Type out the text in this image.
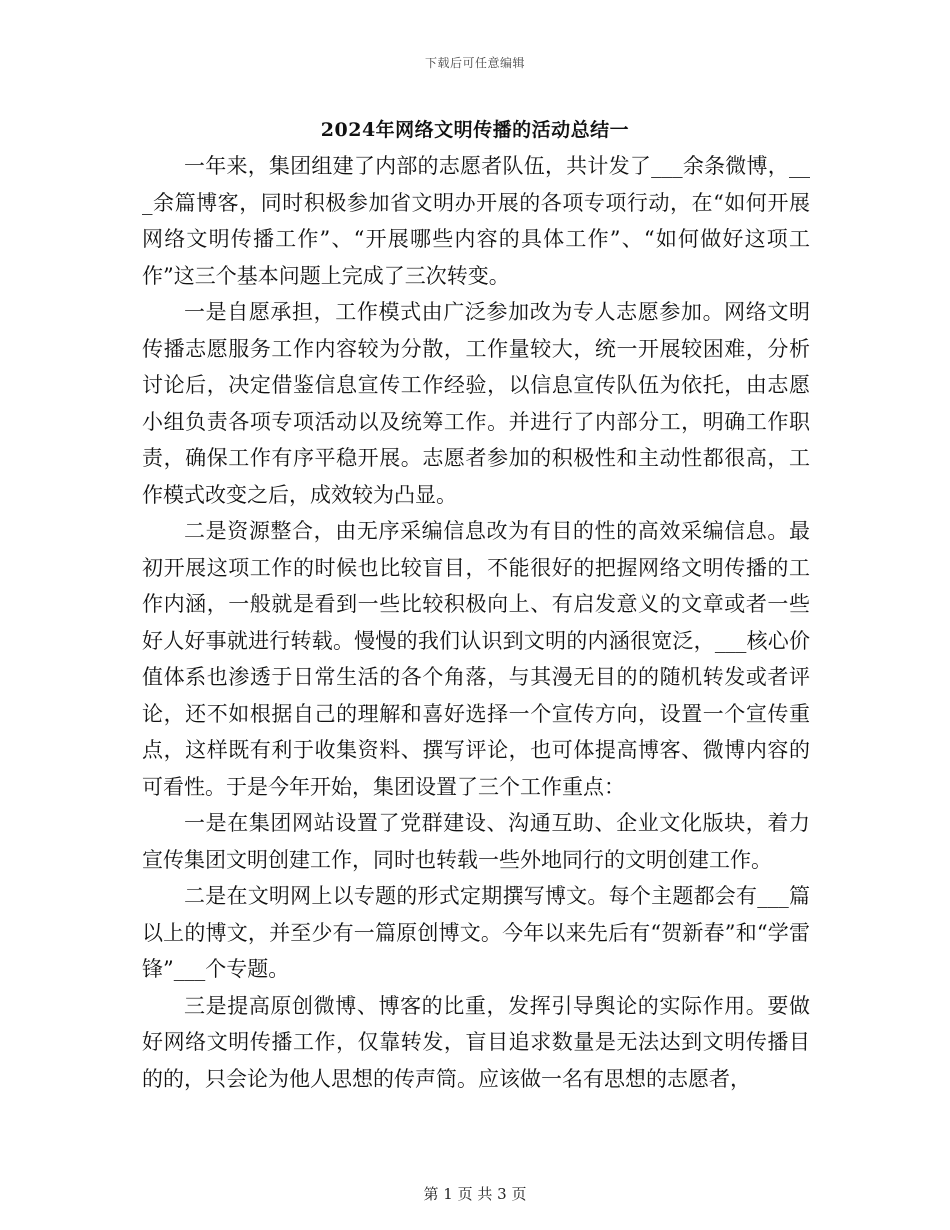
下载后可任意编辑
2024年网络文明传播的活动总结一

一年来，集团组建了内部的志愿者队伍，共计发了___余条微博，___余篇博客，同时积极参加省文明办开展的各项专项行动，在“如何开展网络文明传播工作”、“开展哪些内容的具体工作”、“如何做好这项工作”这三个基本问题上完成了三次转变。

一是自愿承担，工作模式由广泛参加改为专人志愿参加。网络文明传播志愿服务工作内容较为分散，工作量较大，统一开展较困难，分析讨论后，决定借鉴信息宣传工作经验，以信息宣传队伍为依托，由志愿小组负责各项专项活动以及统筹工作。并进行了内部分工，明确工作职责，确保工作有序平稳开展。志愿者参加的积极性和主动性都很高，工作模式改变之后，成效较为凸显。

二是资源整合，由无序采编信息改为有目的性的高效采编信息。最初开展这项工作的时候也比较盲目，不能很好的把握网络文明传播的工作内涵，一般就是看到一些比较积极向上、有启发意义的文章或者一些好人好事就进行转载。慢慢的我们认识到文明的内涵很宽泛，___核心价值体系也渗透于日常生活的各个角落，与其漫无目的的随机转发或者评论，还不如根据自己的理解和喜好选择一个宣传方向，设置一个宣传重点，这样既有利于收集资料、撰写评论，也可体提高博客、微博内容的可看性。于是今年开始，集团设置了三个工作重点：

一是在集团网站设置了党群建设、沟通互助、企业文化版块，着力宣传集团文明创建工作，同时也转载一些外地同行的文明创建工作。

二是在文明网上以专题的形式定期撰写博文。每个主题都会有___篇以上的博文，并至少有一篇原创博文。今年以来先后有“贺新春”和“学雷锋”___个专题。

三是提高原创微博、博客的比重，发挥引导舆论的实际作用。要做好网络文明传播工作，仅靠转发，盲目追求数量是无法达到文明传播目的的，只会论为他人思想的传声筒。应该做一名有思想的志愿者，

第 1 页 共 3 页
